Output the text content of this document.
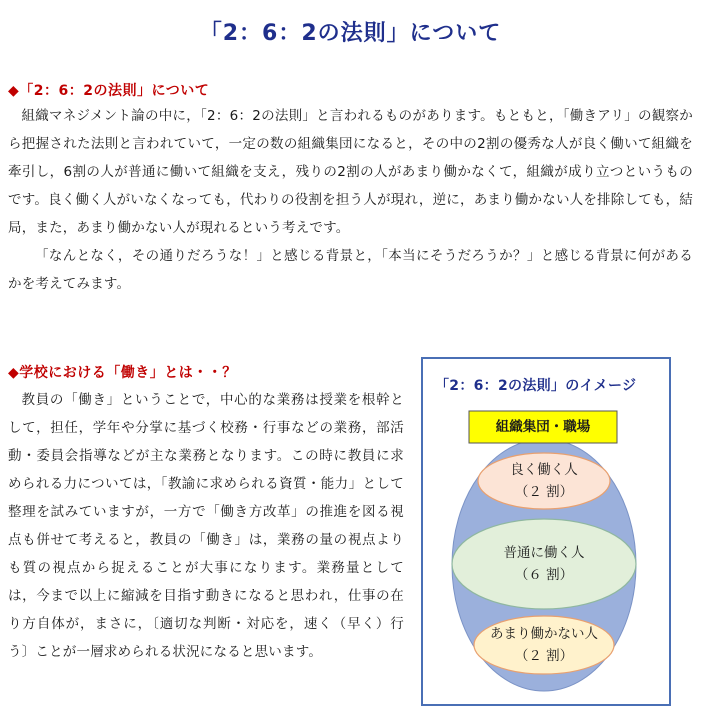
「2：6：2の法則」について
◆「2：6：2の法則」について

組織マネジメント論の中に，「2：6：2の法則」と言われるものがあります。もともと，「働きアリ」の観察から把握された法則と言われていて，一定の数の組織集団になると，その中の2割の優秀な人が良く働いて組織を牽引し，6割の人が普通に働いて組織を支え，残りの2割の人があまり働かなくて，組織が成り立つというものです。良く働く人がいなくなっても，代わりの役割を担う人が現れ，逆に，あまり働かない人を排除しても，結局，また，あまり働かない人が現れるという考えです。

「なんとなく，その通りだろうな！」と感じる背景と，「本当にそうだろうか？」と感じる背景に何があるかを考えてみます。

◆学校における「働き」とは・・？

教員の「働き」ということで，中心的な業務は授業を根幹として，担任，学年や分掌に基づく校務・行事などの業務，部活動・委員会指導などが主な業務となります。この時に教員に求められる力については，「教諭に求められる資質・能力」として整理を試みていますが，一方で「働き方改革」の推進を図る視点も併せて考えると，教員の「働き」は，業務の量の視点よりも質の視点から捉えることが大事になります。業務量としては，今まで以上に縮減を目指す動きになると思われ，仕事の在り方自体が，まさに，〔適切な判断・対応を，速く（早く）行う〕ことが一層求められる状況になると思います。

「2：6：2の法則」のイメージ
組織集団・職場
良く働く人
（２ 割）
普通に働く人
（６ 割）
あまり働かない人
（２ 割）
